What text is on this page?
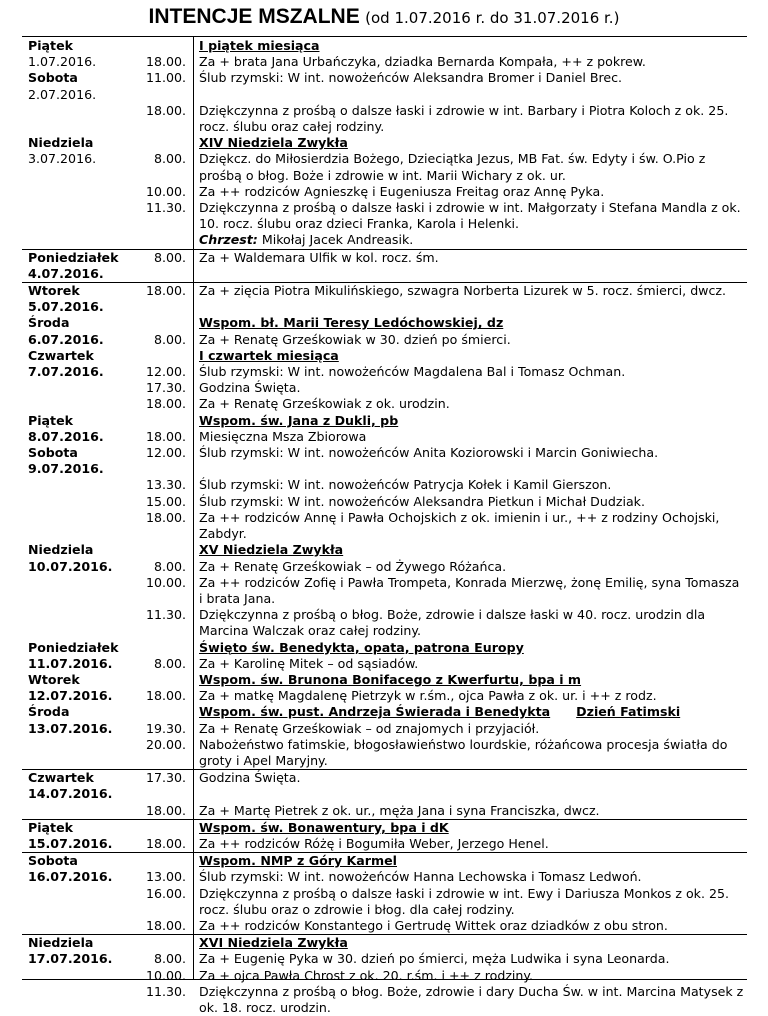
INTENCJE MSZALNE (od 1.07.2016 r. do 31.07.2016 r.)
Piątek
1.07.2016.		I piątek miesiąca
	18.00.	Za + brata Jana Urbańczyka, dziadka Bernarda Kompała, ++ z pokrew.

Sobota
2.07.2016.	11.00.	Ślub rzymski: W int. nowożeńców Aleksandra Bromer i Daniel Brec.
	18.00.	Dziękczynna z prośbą o dalsze łaski i zdrowie w int. Barbary i Piotra Koloch z ok. 25. rocz. ślubu oraz całej rodziny.

Niedziela
3.07.2016.		XIV Niedziela Zwykła
	8.00.	Dziękcz. do Miłosierdzia Bożego, Dzieciątka Jezus, MB Fat. św. Edyty i św. O.Pio z prośbą o błog. Boże i zdrowie w int. Marii Wichary z ok. ur.
	10.00.	Za ++ rodziców Agnieszkę i Eugeniusza Freitag oraz Annę Pyka.
	11.30.	Dziękczynna z prośbą o dalsze łaski i zdrowie w int. Małgorzaty i Stefana Mandla z ok. 10. rocz. ślubu oraz dzieci Franka, Karola i Helenki.
Chrzest: Mikołaj Jacek Andreasik.

Poniedziałek
4.07.2016.	8.00.	Za + Waldemara Ulfik w kol. rocz. śm.

Wtorek
5.07.2016.	18.00.	Za + zięcia Piotra Mikulińskiego, szwagra Norberta Lizurek w 5. rocz. śmierci, dwcz.

Środa
6.07.2016.		Wspom. bł. Marii Teresy Ledóchowskiej, dz
	8.00.	Za + Renatę Grześkowiak w 30. dzień po śmierci.

Czwartek
7.07.2016.		I czwartek miesiąca
	12.00.	Ślub rzymski: W int. nowożeńców Magdalena Bal i Tomasz Ochman.
	17.30.	Godzina Święta.
	18.00.	Za + Renatę Grześkowiak z ok. urodzin.

Piątek
8.07.2016.		Wspom. św. Jana z Dukli, pb
	18.00.	Miesięczna Msza Zbiorowa

Sobota
9.07.2016.	12.00.	Ślub rzymski: W int. nowożeńców Anita Koziorowski i Marcin Goniwiecha.
	13.30.	Ślub rzymski: W int. nowożeńców Patrycja Kołek i Kamil Gierszon.
	15.00.	Ślub rzymski: W int. nowożeńców Aleksandra Pietkun i Michał Dudziak.
	18.00.	Za ++ rodziców Annę i Pawła Ochojskich z ok. imienin i ur., ++ z rodziny Ochojski, Zabdyr.

Niedziela
10.07.2016.		XV Niedziela Zwykła
	8.00.	Za + Renatę Grześkowiak – od Żywego Różańca.
	10.00.	Za ++ rodziców Zofię i Pawła Trompeta, Konrada Mierzwę, żonę Emilię, syna Tomasza i brata Jana.
	11.30.	Dziękczynna z prośbą o błog. Boże, zdrowie i dalsze łaski w 40. rocz. urodzin dla Marcina Walczak oraz całej rodziny.

Poniedziałek
11.07.2016.		Święto św. Benedykta, opata, patrona Europy
	8.00.	Za + Karolinę Mitek – od sąsiadów.

Wtorek
12.07.2016.		Wspom. św. Brunona Bonifacego z Kwerfurtu, bpa i m
	18.00.	Za + matkę Magdalenę Pietrzyk w r.śm., ojca Pawła z ok. ur. i ++ z rodz.

Środa
13.07.2016.		Wspom. św. pust. Andrzeja Świerada i Benedykta Dzień Fatimski
	19.30.	Za + Renatę Grześkowiak – od znajomych i przyjaciół.
	20.00.	Nabożeństwo fatimskie, błogosławieństwo lourdskie, różańcowa procesja światła do groty i Apel Maryjny.

Czwartek
14.07.2016.	17.30.	Godzina Święta.
	18.00.	Za + Martę Pietrek z ok. ur., męża Jana i syna Franciszka, dwcz.

Piątek
15.07.2016.		Wspom. św. Bonawentury, bpa i dK
	18.00.	Za ++ rodziców Różę i Bogumiła Weber, Jerzego Henel.

Sobota
16.07.2016.		Wspom. NMP z Góry Karmel
	13.00.	Ślub rzymski: W int. nowożeńców Hanna Lechowska i Tomasz Ledwoń.
	16.00.	Dziękczynna z prośbą o dalsze łaski i zdrowie w int. Ewy i Dariusza Monkos z ok. 25. rocz. ślubu oraz o zdrowie i błog. dla całej rodziny.
	18.00.	Za ++ rodziców Konstantego i Gertrudę Wittek oraz dziadków z obu stron.

Niedziela
17.07.2016.		XVI Niedziela Zwykła
	8.00.	Za + Eugenię Pyka w 30. dzień po śmierci, męża Ludwika i syna Leonarda.
	10.00.	Za + ojca Pawła Chrost z ok. 20. r.śm. i ++ z rodziny.
	11.30.	Dziękczynna z prośbą o błog. Boże, zdrowie i dary Ducha Św. w int. Marcina Matysek z ok. 18. rocz. urodzin.
